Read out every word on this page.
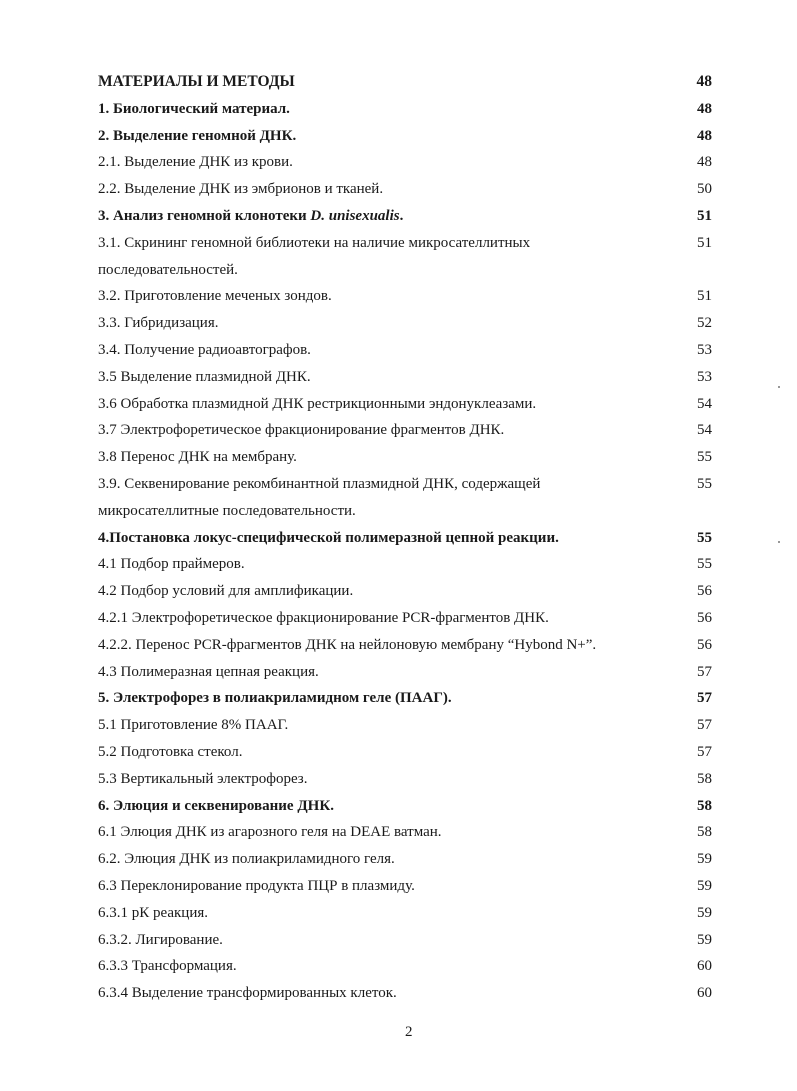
МАТЕРИАЛЫ И МЕТОДЫ	48
1. Биологический материал.	48
2. Выделение геномной ДНК.	48
2.1. Выделение ДНК из крови.	48
2.2. Выделение ДНК из эмбрионов и тканей.	50
3. Анализ геномной клонотеки D. unisexualis.	51
3.1. Скрининг геномной библиотеки на наличие микросателлитных	51
последовательностей.
3.2. Приготовление меченых зондов.	51
3.3. Гибридизация.	52
3.4. Получение радиоавтографов.	53
3.5 Выделение плазмидной ДНК.	53
3.6 Обработка плазмидной ДНК рестрикционными эндонуклеазами.	54
3.7 Электрофоретическое фракционирование фрагментов ДНК.	54
3.8 Перенос ДНК на мембрану.	55
3.9. Секвенирование рекомбинантной плазмидной ДНК, содержащей	55
микросателлитные последовательности.
4.Постановка локус-специфической полимеразной цепной реакции.	55
4.1 Подбор праймеров.	55
4.2 Подбор условий для амплификации.	56
4.2.1 Электрофоретическое фракционирование PCR-фрагментов ДНК.	56
4.2.2. Перенос PCR-фрагментов ДНК на нейлоновую мембрану “Hybond N+”.	56
4.3 Полимеразная цепная реакция.	57
5. Электрофорез в полиакриламидном геле (ПААГ).	57
5.1 Приготовление 8% ПААГ.	57
5.2 Подготовка стекол.	57
5.3 Вертикальный электрофорез.	58
6. Элюция и секвенирование ДНК.	58
6.1 Элюция ДНК из агарозного геля на DEAE ватман.	58
6.2. Элюция ДНК из полиакриламидного геля.	59
6.3 Переклонирование продукта ПЦР в плазмиду.	59
6.3.1 рК реакция.	59
6.3.2. Лигирование.	59
6.3.3 Трансформация.	60
6.3.4 Выделение трансформированных клеток.	60
2
